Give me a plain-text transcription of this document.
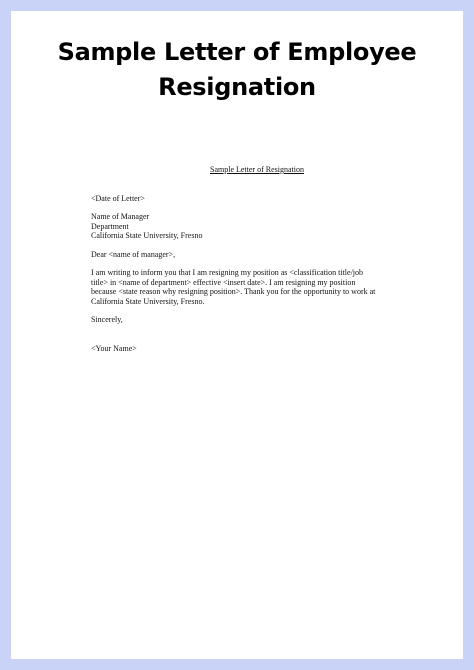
Sample Letter of Employee
Resignation
Sample Letter of Resignation
<Date of Letter>
Name of Manager
Department
California State University, Fresno
Dear <name of manager>,
I am writing to inform you that I am resigning my position as <classification title/job
title> in <name of department> effective <insert date>. I am resigning my position
because <state reason why resigning position>. Thank you for the opportunity to work at
California State University, Fresno.
Sincerely,
<Your Name>
